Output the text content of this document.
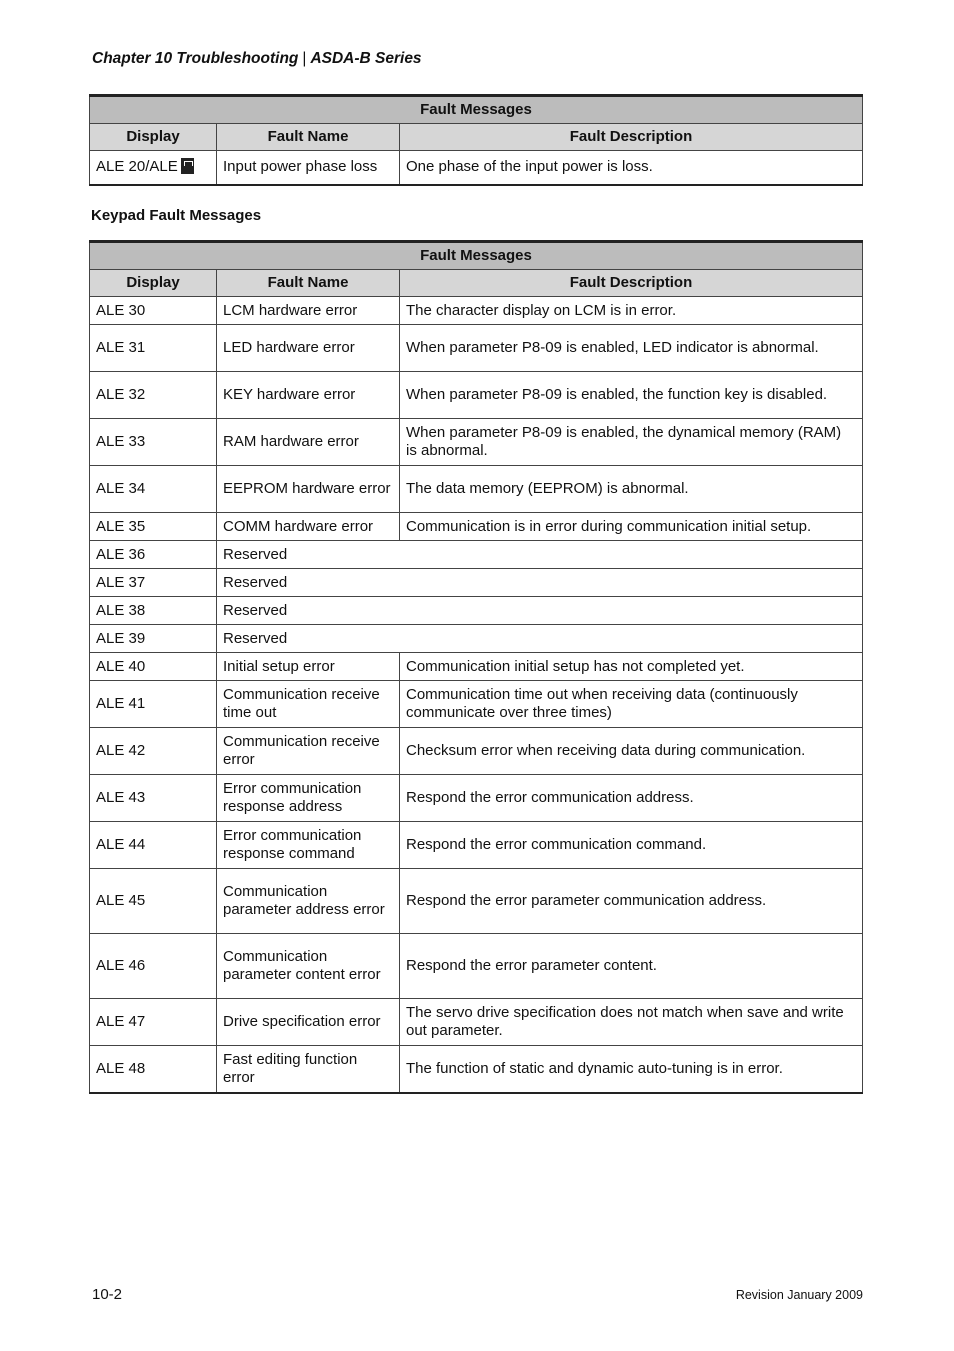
Chapter 10 Troubleshooting | ASDA-B Series
Fault Messages		
Display	Fault Name	Fault Description
ALE 20/ALE	Input power phase loss	One phase of the input power is loss.
Keypad Fault Messages
Fault Messages		
Display	Fault Name	Fault Description
ALE 30	LCM hardware error	The character display on LCM is in error.
ALE 31	LED hardware error	When parameter P8-09 is enabled, LED indicator is abnormal.
ALE 32	KEY hardware error	When parameter P8-09 is enabled, the function key is disabled.
ALE 33	RAM hardware error	When parameter P8-09 is enabled, the dynamical memory (RAM) is abnormal.
ALE 34	EEPROM hardware error	The data memory (EEPROM) is abnormal.
ALE 35	COMM hardware error	Communication is in error during communication initial setup.
ALE 36	Reserved	
ALE 37	Reserved	
ALE 38	Reserved	
ALE 39	Reserved	
ALE 40	Initial setup error	Communication initial setup has not completed yet.
ALE 41	Communication receive time out	Communication time out when receiving data (continuously communicate over three times)
ALE 42	Communication receive error	Checksum error when receiving data during communication.
ALE 43	Error communication response address	Respond the error communication address.
ALE 44	Error communication response command	Respond the error communication command.
ALE 45	Communication parameter address error	Respond the error parameter communication address.
ALE 46	Communication parameter content error	Respond the error parameter content.
ALE 47	Drive specification error	The servo drive specification does not match when save and write out parameter.
ALE 48	Fast editing function error	The function of static and dynamic auto-tuning is in error.
10-2	Revision January 2009
